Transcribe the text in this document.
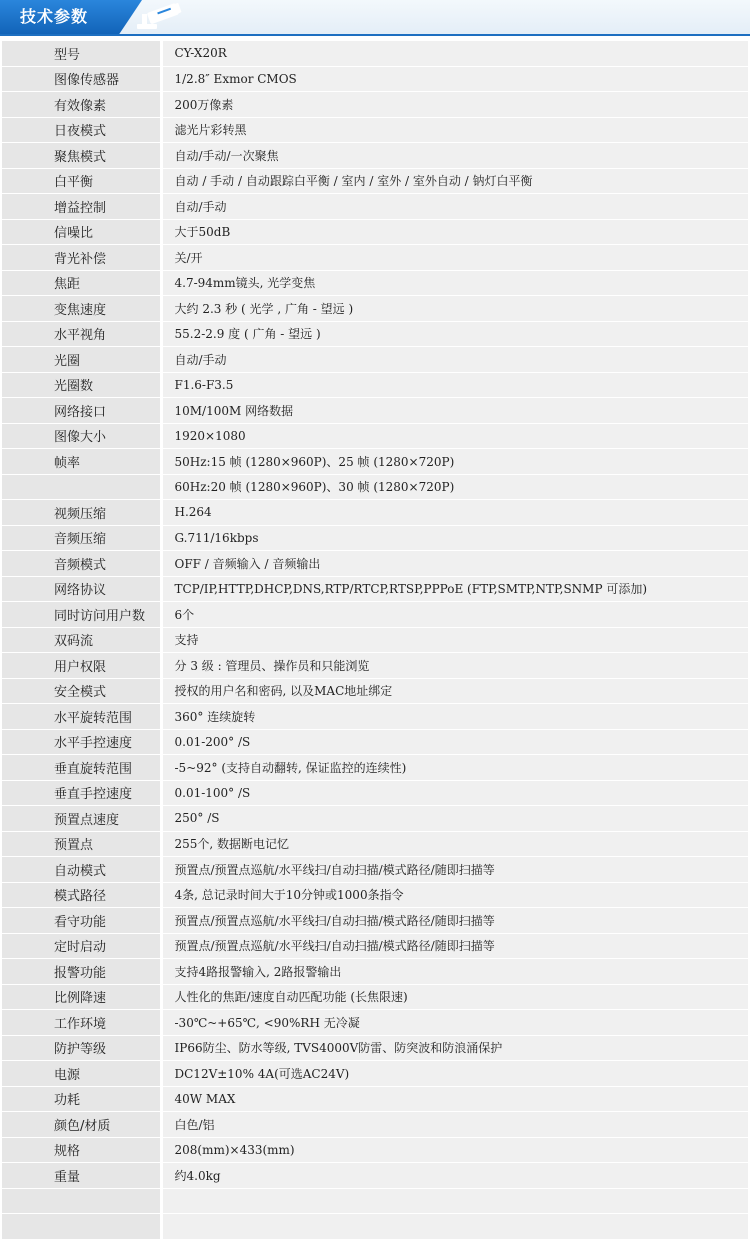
技术参数
型号	CY-X20R
图像传感器	1/2.8″ Exmor CMOS
有效像素	200万像素
日夜模式	滤光片彩转黑
聚焦模式	自动/手动/一次聚焦
白平衡	自动 / 手动 / 自动跟踪白平衡 / 室内 / 室外 / 室外自动 / 钠灯白平衡
增益控制	自动/手动
信噪比	大于50dB
背光补偿	关/开
焦距	4.7-94mm镜头, 光学变焦
变焦速度	大约 2.3 秒 ( 光学 , 广角 - 望远 )
水平视角	55.2-2.9 度 ( 广角 - 望远 )
光圈	自动/手动
光圈数	F1.6-F3.5
网络接口	10M/100M 网络数据
图像大小	1920×1080
帧率	50Hz:15 帧 (1280×960P)、25 帧 (1280×720P)
	60Hz:20 帧 (1280×960P)、30 帧 (1280×720P)
视频压缩	H.264
音频压缩	G.711/16kbps
音频模式	OFF / 音频输入 / 音频输出
网络协议	TCP/IP,HTTP,DHCP,DNS,RTP/RTCP,RTSP,PPPoE (FTP,SMTP,NTP,SNMP 可添加)
同时访问用户数	6个
双码流	支持
用户权限	分 3 级 : 管理员、操作员和只能浏览
安全模式	授权的用户名和密码, 以及MAC地址绑定
水平旋转范围	360° 连续旋转
水平手控速度	0.01-200° /S
垂直旋转范围	-5~92° (支持自动翻转, 保证监控的连续性)
垂直手控速度	0.01-100° /S
预置点速度	250° /S
预置点	255个, 数据断电记忆
自动模式	预置点/预置点巡航/水平线扫/自动扫描/模式路径/随即扫描等
模式路径	4条, 总记录时间大于10分钟或1000条指令
看守功能	预置点/预置点巡航/水平线扫/自动扫描/模式路径/随即扫描等
定时启动	预置点/预置点巡航/水平线扫/自动扫描/模式路径/随即扫描等
报警功能	支持4路报警输入, 2路报警输出
比例降速	人性化的焦距/速度自动匹配功能 (长焦限速)
工作环境	-30℃~+65℃, <90%RH 无冷凝
防护等级	IP66防尘、防水等级, TVS4000V防雷、防突波和防浪涌保护
电源	DC12V±10% 4A(可选AC24V)
功耗	40W MAX
颜色/材质	白色/铝
规格	208(mm)×433(mm)
重量	约4.0kg
